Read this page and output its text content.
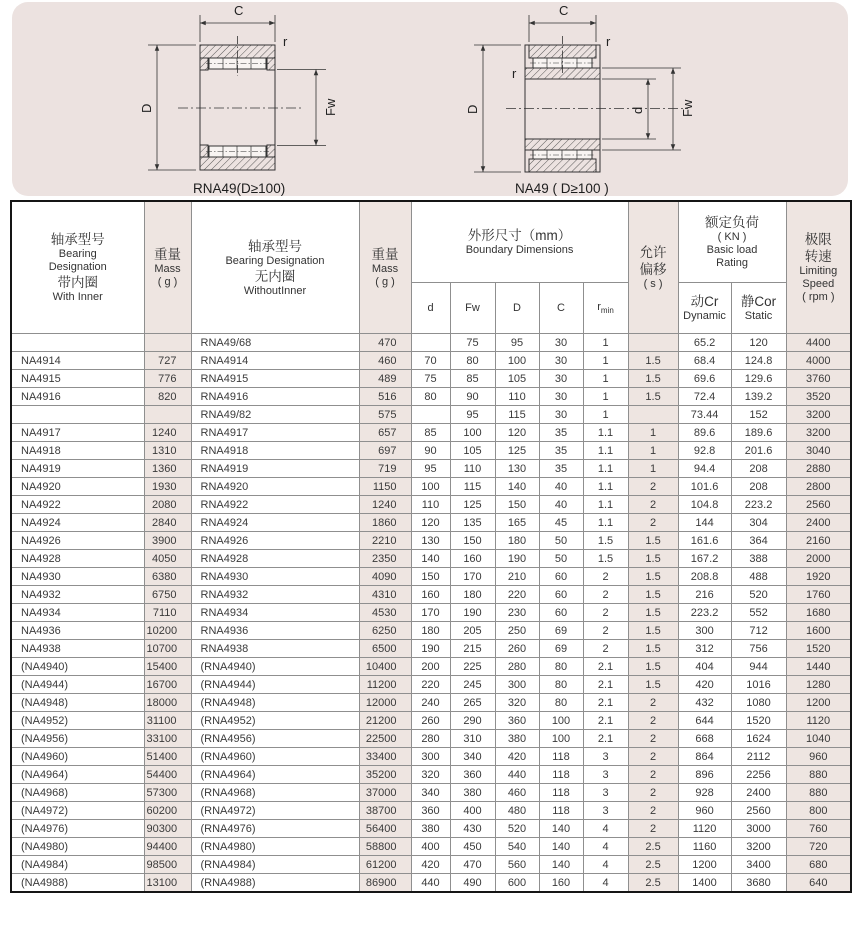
C
r
D	Fw
RNA49(D≥100)
C
r
r
D	d	Fw
NA49 ( D≥100 )
轴承型号
Bearing
Designation
带内圈
With Inner

重量
Mass
( g )

轴承型号
Bearing Designation
无内圈
WithoutInner

重量
Mass
( g )

外形尺寸（mm）
Boundary Dimensions	允许
偏移
( s )

额定负荷
( KN )
Basic load
Rating

极限
转速
Limiting
Speed
( rpm )

d	Fw	D	C	$r_{min}$	
动Cr
Dynamic

静Cor
Static

		RNA49/68	470		75	95	30	1		65.2	120	4400
NA4914	727	RNA4914	460	70	80	100	30	1	1.5	68.4	124.8	4000
NA4915	776	RNA4915	489	75	85	105	30	1	1.5	69.6	129.6	3760
NA4916	820	RNA4916	516	80	90	110	30	1	1.5	72.4	139.2	3520
		RNA49/82	575		95	115	30	1		73.44	152	3200
NA4917	1240	RNA4917	657	85	100	120	35	1.1	1	89.6	189.6	3200
NA4918	1310	RNA4918	697	90	105	125	35	1.1	1	92.8	201.6	3040
NA4919	1360	RNA4919	719	95	110	130	35	1.1	1	94.4	208	2880
NA4920	1930	RNA4920	1150	100	115	140	40	1.1	2	101.6	208	2800
NA4922	2080	RNA4922	1240	110	125	150	40	1.1	2	104.8	223.2	2560
NA4924	2840	RNA4924	1860	120	135	165	45	1.1	2	144	304	2400
NA4926	3900	RNA4926	2210	130	150	180	50	1.5	1.5	161.6	364	2160
NA4928	4050	RNA4928	2350	140	160	190	50	1.5	1.5	167.2	388	2000
NA4930	6380	RNA4930	4090	150	170	210	60	2	1.5	208.8	488	1920
NA4932	6750	RNA4932	4310	160	180	220	60	2	1.5	216	520	1760
NA4934	7110	RNA4934	4530	170	190	230	60	2	1.5	223.2	552	1680
NA4936	10200	RNA4936	6250	180	205	250	69	2	1.5	300	712	1600
NA4938	10700	RNA4938	6500	190	215	260	69	2	1.5	312	756	1520
(NA4940)	15400	(RNA4940)	10400	200	225	280	80	2.1	1.5	404	944	1440
(NA4944)	16700	(RNA4944)	11200	220	245	300	80	2.1	1.5	420	1016	1280
(NA4948)	18000	(RNA4948)	12000	240	265	320	80	2.1	2	432	1080	1200
(NA4952)	31100	(RNA4952)	21200	260	290	360	100	2.1	2	644	1520	1120
(NA4956)	33100	(RNA4956)	22500	280	310	380	100	2.1	2	668	1624	1040
(NA4960)	51400	(RNA4960)	33400	300	340	420	118	3	2	864	2112	960
(NA4964)	54400	(RNA4964)	35200	320	360	440	118	3	2	896	2256	880
(NA4968)	57300	(RNA4968)	37000	340	380	460	118	3	2	928	2400	880
(NA4972)	60200	(RNA4972)	38700	360	400	480	118	3	2	960	2560	800
(NA4976)	90300	(RNA4976)	56400	380	430	520	140	4	2	1120	3000	760
(NA4980)	94400	(RNA4980)	58800	400	450	540	140	4	2.5	1160	3200	720
(NA4984)	98500	(RNA4984)	61200	420	470	560	140	4	2.5	1200	3400	680
(NA4988)	13100	(RNA4988)	86900	440	490	600	160	4	2.5	1400	3680	640
